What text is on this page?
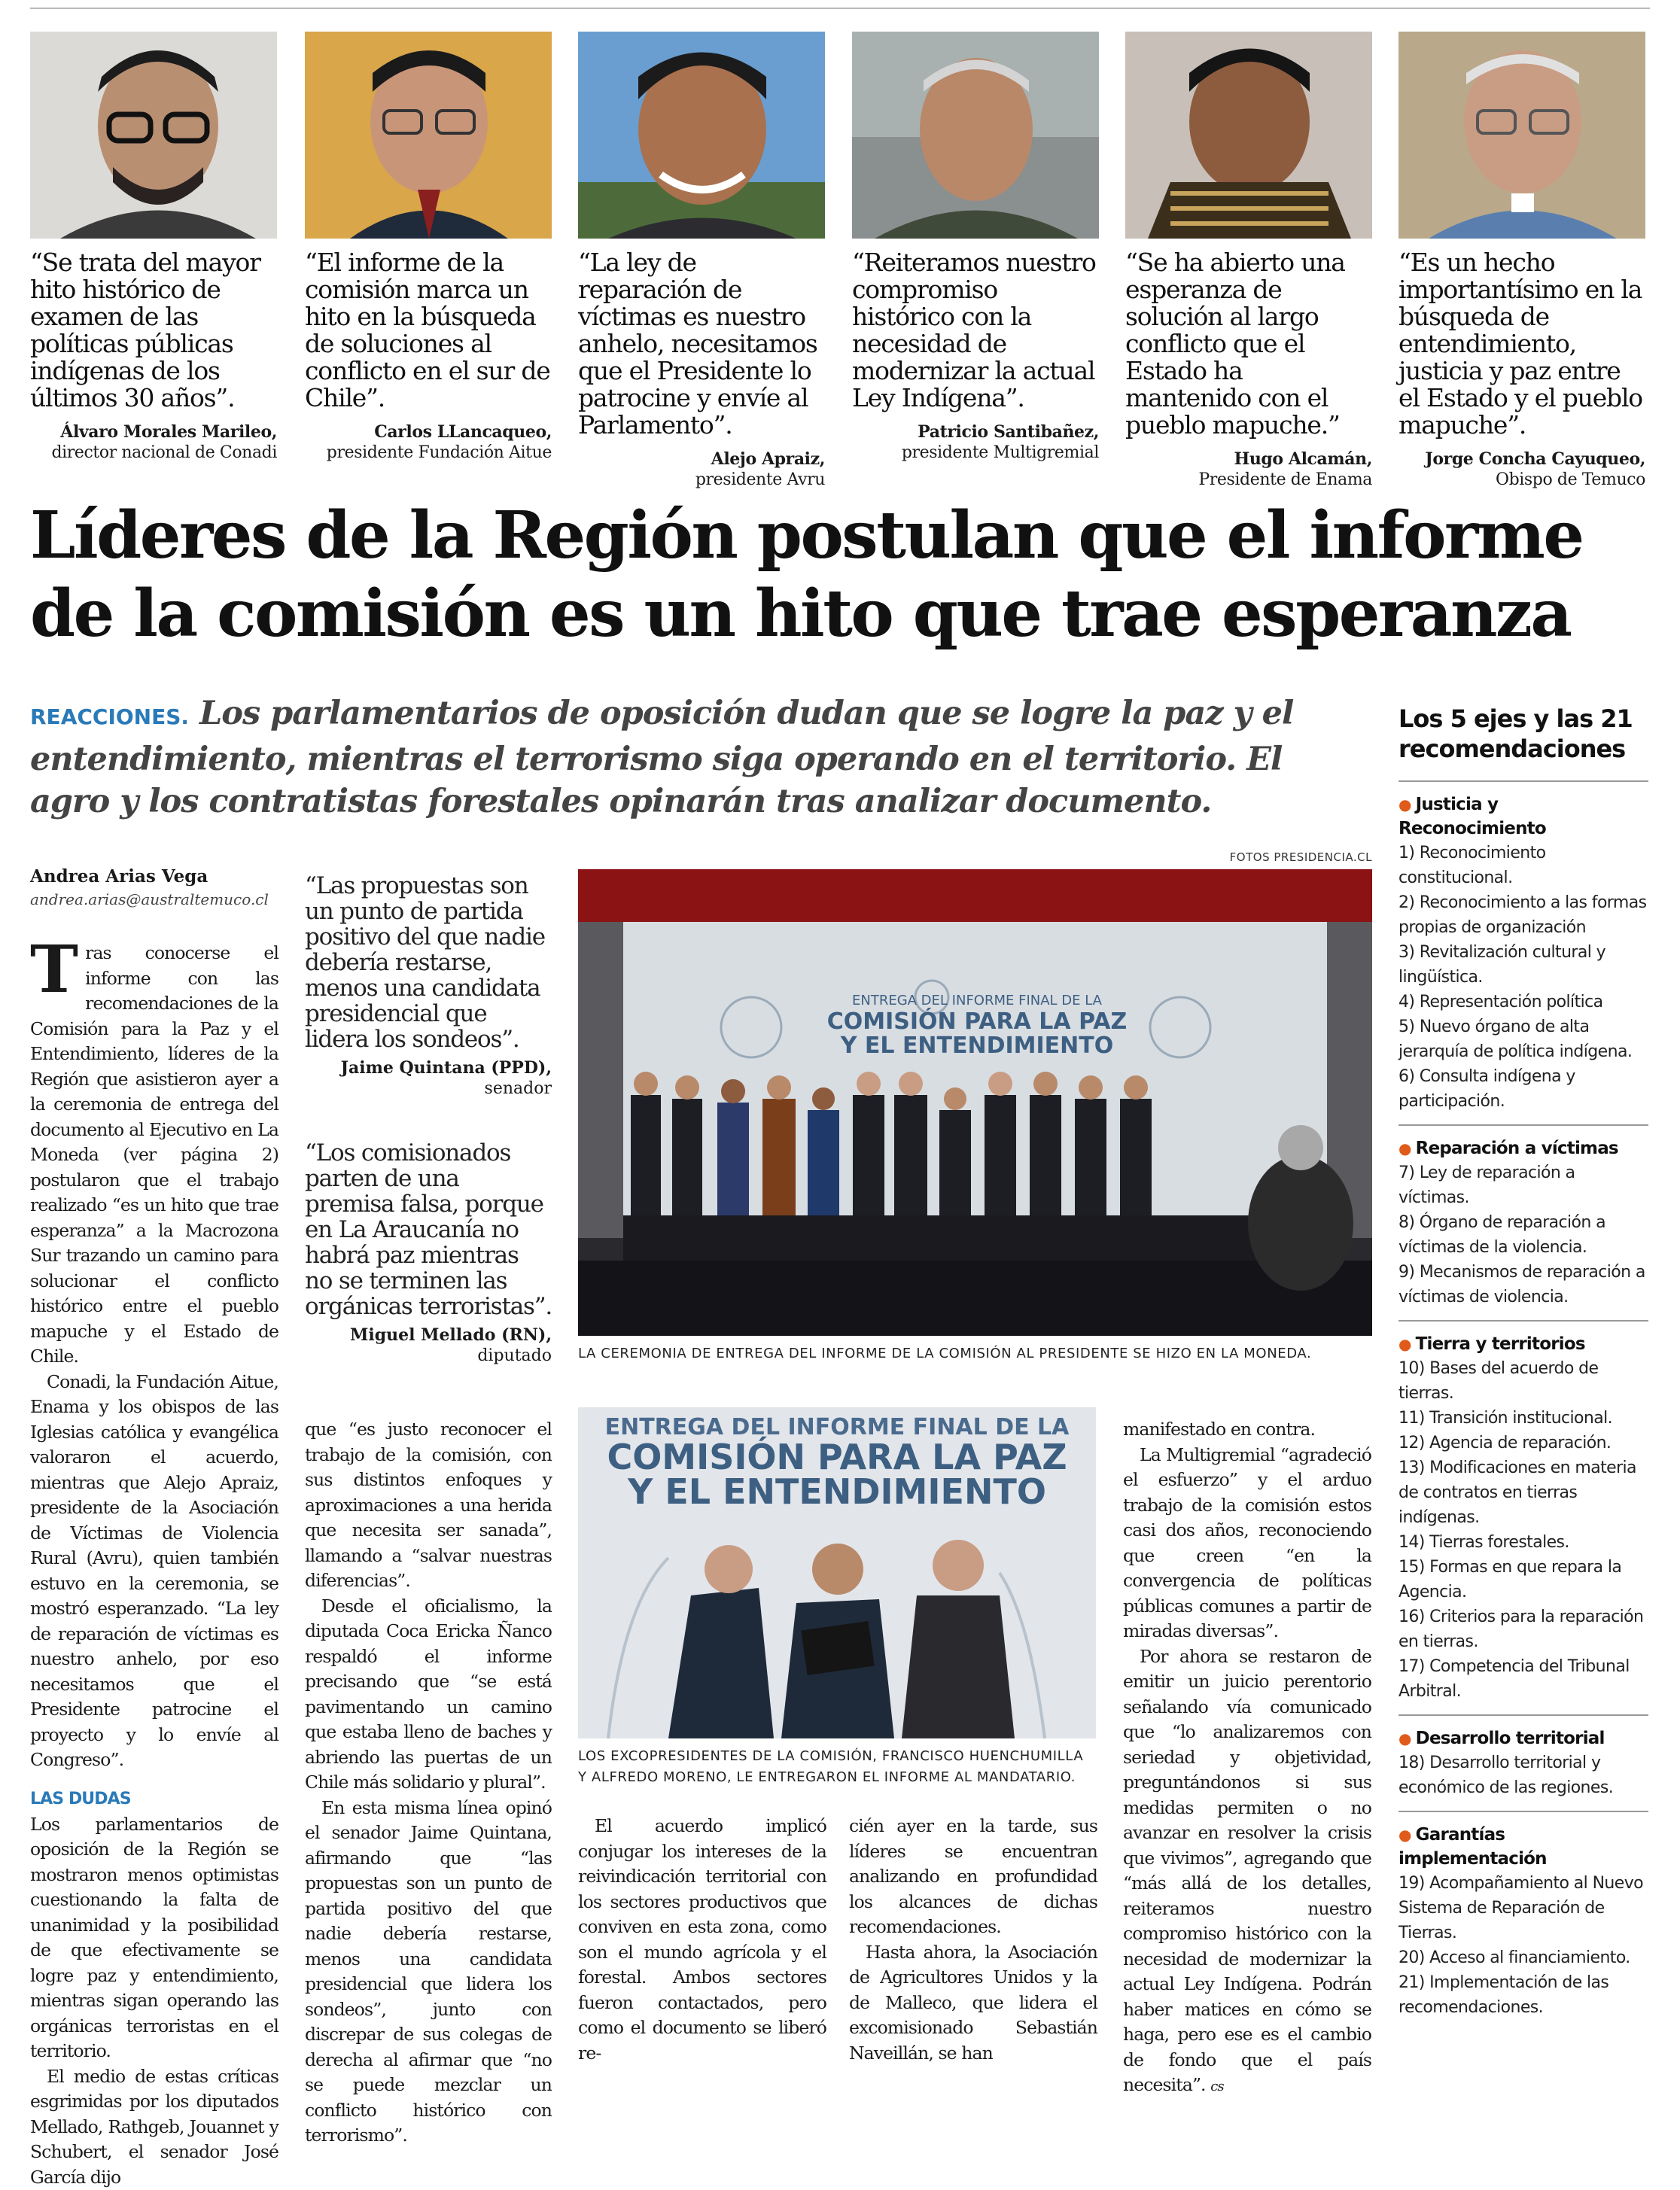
“Se trata del mayor hito histórico de examen de las políticas públicas indígenas de los últimos 30 años”.
Álvaro Morales Marileo,
director nacional de Conadi
“El informe de la comisión marca un hito en la búsqueda de soluciones al conflicto en el sur de Chile”.
Carlos LLancaqueo,
presidente Fundación Aitue
“La ley de reparación de víctimas es nuestro anhelo, necesitamos que el Presidente lo patrocine y envíe al Parlamento”.
Alejo Apraiz,
presidente Avru
“Reiteramos nuestro compromiso histórico con la necesidad de modernizar la actual Ley Indígena”.
Patricio Santibañez,
presidente Multigremial
“Se ha abierto una esperanza de solución al largo conflicto que el Estado ha mantenido con el pueblo mapuche.”
Hugo Alcamán,
Presidente de Enama
“Es un hecho importantísimo en la búsqueda de entendimiento, justicia y paz entre el Estado y el pueblo mapuche”.
Jorge Concha Cayuqueo,
Obispo de Temuco
Líderes de la Región postulan que el informe de la comisión es un hito que trae esperanza
REACCIONES. Los parlamentarios de oposición dudan que se logre la paz y el entendimiento, mientras el terrorismo siga operando en el territorio. El agro y los contratistas forestales opinarán tras analizar documento.
Los 5 ejes y las 21 recomendaciones
● Justicia y Reconocimiento
1) Reconocimiento constitucional.
2) Reconocimiento a las formas propias de organización
3) Revitalización cultural y lingüística.
4) Representación política
5) Nuevo órgano de alta jerarquía de política indígena.
6) Consulta indígena y participación.
● Reparación a víctimas
7) Ley de reparación a víctimas.
8) Órgano de reparación a víctimas de la violencia.
9) Mecanismos de reparación a víctimas de violencia.
● Tierra y territorios
10) Bases del acuerdo de tierras.
11) Transición institucional.
12) Agencia de reparación.
13) Modificaciones en materia de contratos en tierras indígenas.
14) Tierras forestales.
15) Formas en que repara la Agencia.
16) Criterios para la reparación en tierras.
17) Competencia del Tribunal Arbitral.
● Desarrollo territorial
18) Desarrollo territorial y económico de las regiones.
● Garantías implementación
19) Acompañamiento al Nuevo Sistema de Reparación de Tierras.
20) Acceso al financiamiento.
21) Implementación de las recomendaciones.
Andrea Arias Vega
andrea.arias@australtemuco.cl

Tras conocerse el informe con las recomendaciones de la Comisión para la Paz y el Entendimiento, líderes de la Región que asistieron ayer a la ceremonia de entrega del documento al Ejecutivo en La Moneda (ver página 2) postularon que el trabajo realizado “es un hito que trae esperanza” a la Macrozona Sur trazando un camino para solucionar el conflicto histórico entre el pueblo mapuche y el Estado de Chile.

Conadi, la Fundación Aitue, Enama y los obispos de las Iglesias católica y evangélica valoraron el acuerdo, mientras que Alejo Apraiz, presidente de la Asociación de Víctimas de Violencia Rural (Avru), quien también estuvo en la ceremonia, se mostró esperanzado. “La ley de reparación de víctimas es nuestro anhelo, por eso necesitamos que el Presidente patrocine el proyecto y lo envíe al Congreso”.

LAS DUDAS

Los parlamentarios de oposición de la Región se mostraron menos optimistas cuestionando la falta de unanimidad y la posibilidad de que efectivamente se logre paz y entendimiento, mientras sigan operando las orgánicas terroristas en el territorio.

El medio de estas críticas esgrimidas por los diputados Mellado, Rathgeb, Jouannet y Schubert, el senador José García dijo

“Las propuestas son un punto de partida positivo del que nadie debería restarse, menos una candidata presidencial que lidera los sondeos”.
Jaime Quintana (PPD),
senador
“Los comisionados parten de una premisa falsa, porque en La Araucanía no habrá paz mientras no se terminen las orgánicas terroristas”.
Miguel Mellado (RN),
diputado

que “es justo reconocer el trabajo de la comisión, con sus distintos enfoques y aproximaciones a una herida que necesita ser sanada”, llamando a “salvar nuestras diferencias”.

Desde el oficialismo, la diputada Coca Ericka Ñanco respaldó el informe precisando que “se está pavimentando un camino que estaba lleno de baches y abriendo las puertas de un Chile más solidario y plural”.

En esta misma línea opinó el senador Jaime Quintana, afirmando que “las propuestas son un punto de partida positivo del que nadie debería restarse, menos una candidata presidencial que lidera los sondeos”, junto con discrepar de sus colegas de derecha al afirmar que “no se puede mezclar un conflicto histórico con terrorismo”.

FOTOS PRESIDENCIA.CL
ENTREGA DEL INFORME FINAL DE LA
COMISIÓN PARA LA PAZ
Y EL ENTENDIMIENTO
LA CEREMONIA DE ENTREGA DEL INFORME DE LA COMISIÓN AL PRESIDENTE SE HIZO EN LA MONEDA.
ENTREGA DEL INFORME FINAL DE LA
COMISIÓN PARA LA PAZ
Y EL ENTENDIMIENTO
LOS EXCOPRESIDENTES DE LA COMISIÓN, FRANCISCO HUENCHUMILLA Y ALFREDO MORENO, LE ENTREGARON EL INFORME AL MANDATARIO.

El acuerdo implicó conjugar los intereses de la reivindicación territorial con los sectores productivos que conviven en esta zona, como son el mundo agrícola y el forestal. Ambos sectores fueron contactados, pero como el documento se liberó re-

cién ayer en la tarde, sus líderes se encuentran analizando en profundidad los alcances de dichas recomendaciones.

Hasta ahora, la Asociación de Agricultores Unidos y la de Malleco, que lidera el excomisionado Sebastián Naveillán, se han

manifestado en contra.

La Multigremial “agradeció el esfuerzo” y el arduo trabajo de la comisión estos casi dos años, reconociendo que creen “en la convergencia de políticas públicas comunes a partir de miradas diversas”.

Por ahora se restaron de emitir un juicio perentorio señalando vía comunicado que “lo analizaremos con seriedad y objetividad, preguntándonos si sus medidas permiten o no avanzar en resolver la crisis que vivimos”, agregando que “más allá de los detalles, reiteramos nuestro compromiso histórico con la necesidad de modernizar la actual Ley Indígena. Podrán haber matices en cómo se haga, pero ese es el cambio de fondo que el país necesita”. cs
